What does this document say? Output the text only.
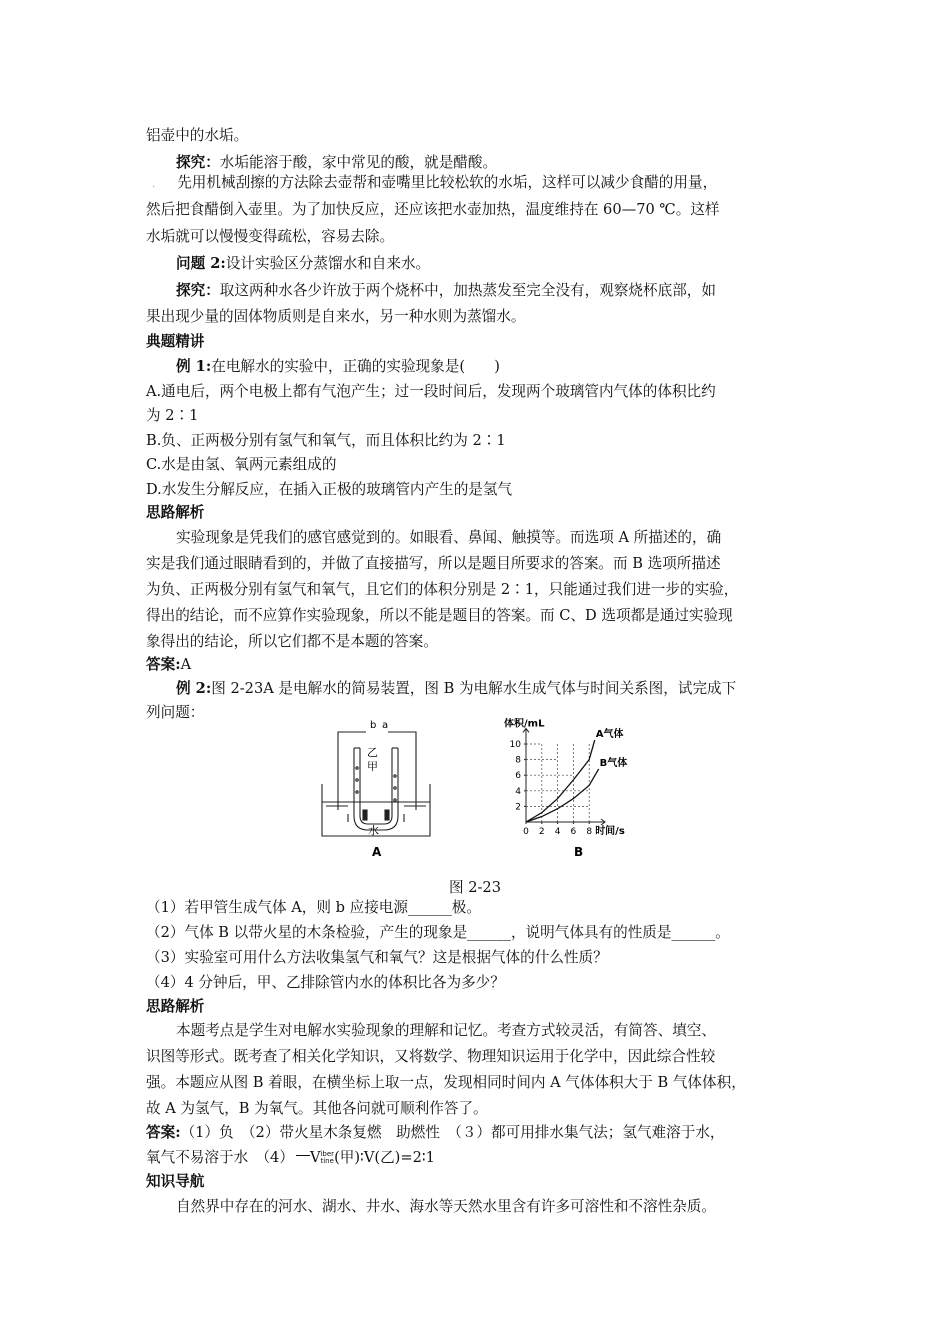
铝壶中的水垢。
探究：水垢能溶于酸，家中常见的酸，就是醋酸。
. 先用机械刮擦的方法除去壶帮和壶嘴里比较松软的水垢，这样可以减少食醋的用量，
然后把食醋倒入壶里。为了加快反应，还应该把水壶加热，温度维持在 60—70 ℃。这样
水垢就可以慢慢变得疏松，容易去除。
问题 2:设计实验区分蒸馏水和自来水。
探究：取这两种水各少许放于两个烧杯中，加热蒸发至完全没有，观察烧杯底部，如
果出现少量的固体物质则是自来水，另一种水则为蒸馏水。
典题精讲
例 1:在电解水的实验中，正确的实验现象是(　　)
A.通电后，两个电极上都有气泡产生；过一段时间后，发现两个玻璃管内气体的体积比约
为 2∶1
B.负、正两极分别有氢气和氧气，而且体积比约为 2∶1
C.水是由氢、氧两元素组成的
D.水发生分解反应，在插入正极的玻璃管内产生的是氢气
思路解析
实验现象是凭我们的感官感觉到的。如眼看、鼻闻、触摸等。而选项 A 所描述的，确
实是我们通过眼睛看到的，并做了直接描写，所以是题目所要求的答案。而 B 选项所描述
为负、正两极分别有氢气和氧气，且它们的体积分别是 2∶1，只能通过我们进一步的实验，
得出的结论，而不应算作实验现象，所以不能是题目的答案。而 C、D 选项都是通过实验现
象得出的结论，所以它们都不是本题的答案。
答案:A
例 2:图 2-23A 是电解水的简易装置，图 B 为电解水生成气体与时间关系图，试完成下
列问题：
b a
乙
甲
水
A
2
4
6
8
10
0 2 4 6 8
A气体
B气体
体积/mL
时间/s
B
图 2-23
（1）若甲管生成气体 A，则 b 应接电源______极。
（2）气体 B 以带火星的木条检验，产生的现象是______，说明气体具有的性质是______。
（3）实验室可用什么方法收集氢气和氧气？这是根据气体的什么性质？
（4）4 分钟后，甲、乙排除管内水的体积比各为多少？
思路解析
本题考点是学生对电解水实验现象的理解和记忆。考查方式较灵活，有简答、填空、
识图等形式。既考查了相关化学知识，又将数学、物理知识运用于化学中，因此综合性较
强。本题应从图 B 着眼，在横坐标上取一点，发现相同时间内 A 气体体积大于 B 气体体积，
故 A 为氢气，B 为氧气。其他各问就可顺利作答了。
答案:（1）负　（2）带火星木条复燃　助燃性　（３）都可用排水集气法；氢气难溶于水，
氧气不易溶于水　（4） V iber
tine (甲)∶V(乙)=2∶1
知识导航
自然界中存在的河水、湖水、井水、海水等天然水里含有许多可溶性和不溶性杂质。
